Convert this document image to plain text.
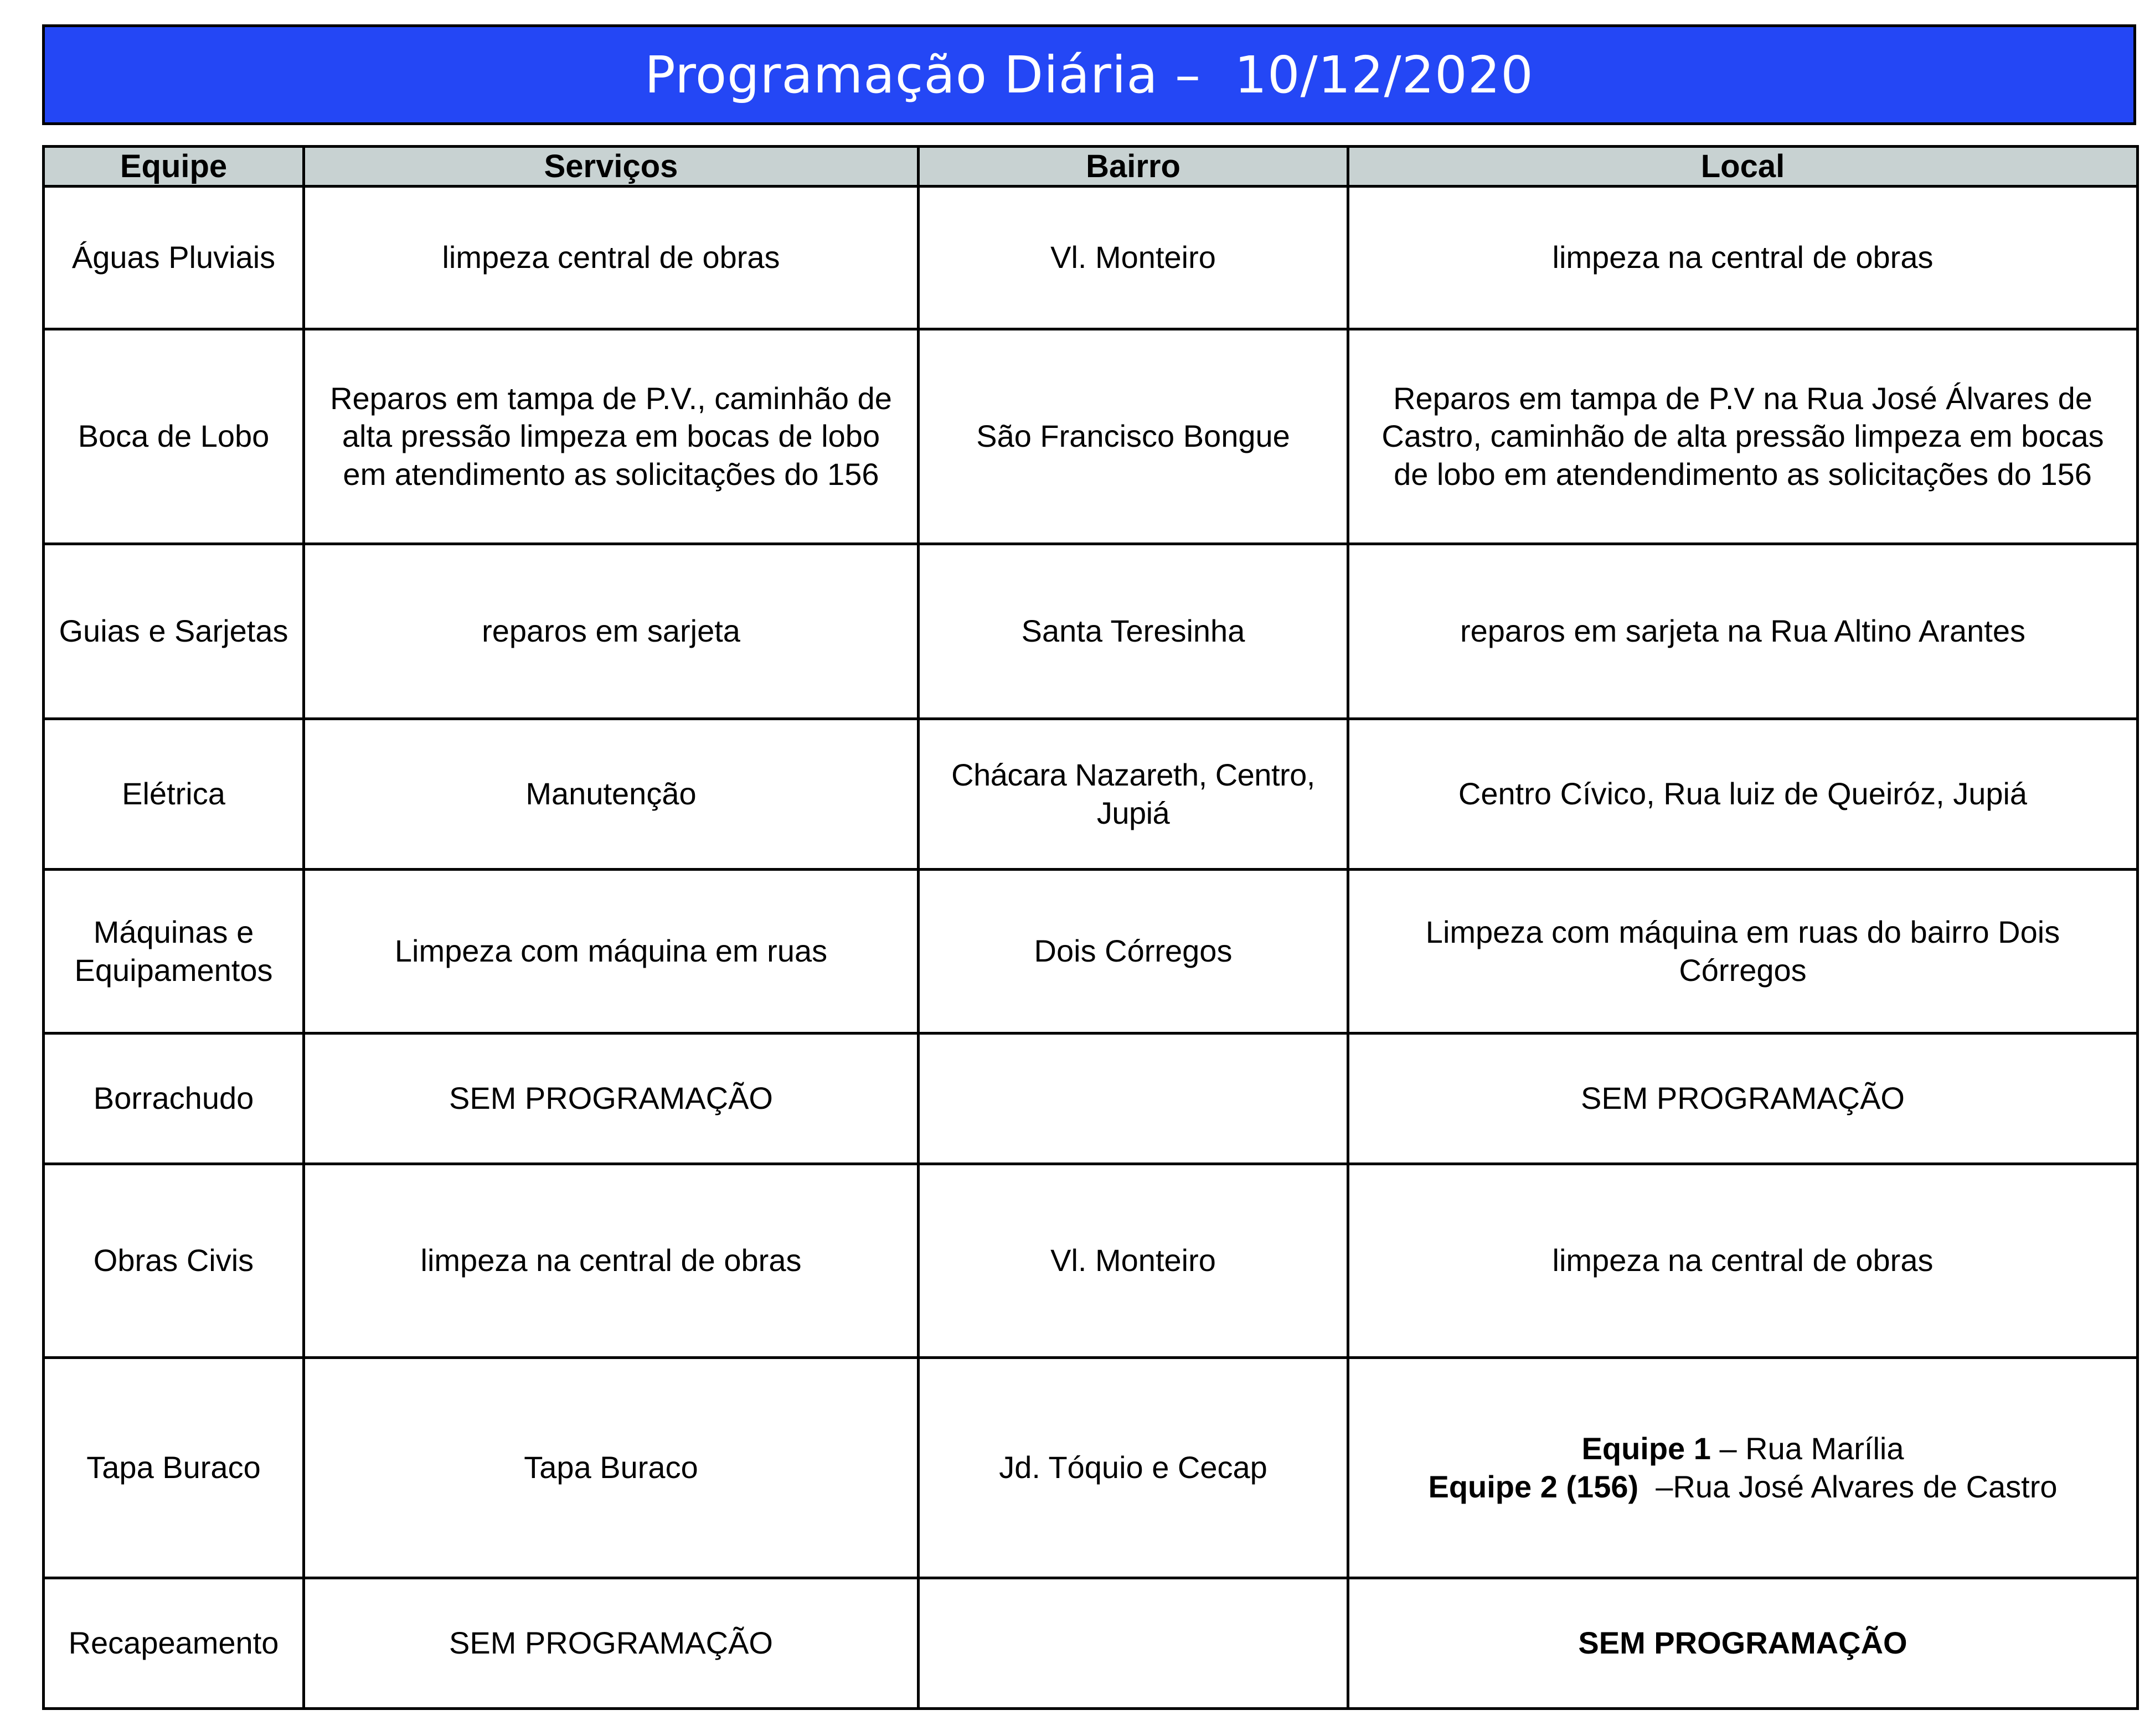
Programação Diária –  10/12/2020
Equipe	Serviços	Bairro	Local
Águas Pluviais	limpeza central de obras	Vl. Monteiro	limpeza na central de obras
Boca de Lobo	Reparos em tampa de P.V., caminhão de alta pressão limpeza em bocas de lobo em atendimento as solicitações do 156	São Francisco Bongue	Reparos em tampa de P.V na Rua José Álvares de Castro, caminhão de alta pressão limpeza em bocas de lobo em atendendimento as solicitações do 156
Guias e Sarjetas	reparos em sarjeta	Santa Teresinha	reparos em sarjeta na Rua Altino Arantes
Elétrica	Manutenção	Chácara Nazareth, Centro, Jupiá	Centro Cívico, Rua luiz de Queiróz, Jupiá
Máquinas e Equipamentos	Limpeza com máquina em ruas	Dois Córregos	Limpeza com máquina em ruas do bairro Dois Córregos
Borrachudo	SEM PROGRAMAÇÃO		SEM PROGRAMAÇÃO
Obras Civis	limpeza na central de obras	Vl. Monteiro	limpeza na central de obras
Tapa Buraco	Tapa Buraco	Jd. Tóquio e Cecap	Equipe 1 – Rua Marília
Equipe 2 (156)  –Rua José Alvares de Castro

Recapeamento	SEM PROGRAMAÇÃO		SEM PROGRAMAÇÃO
